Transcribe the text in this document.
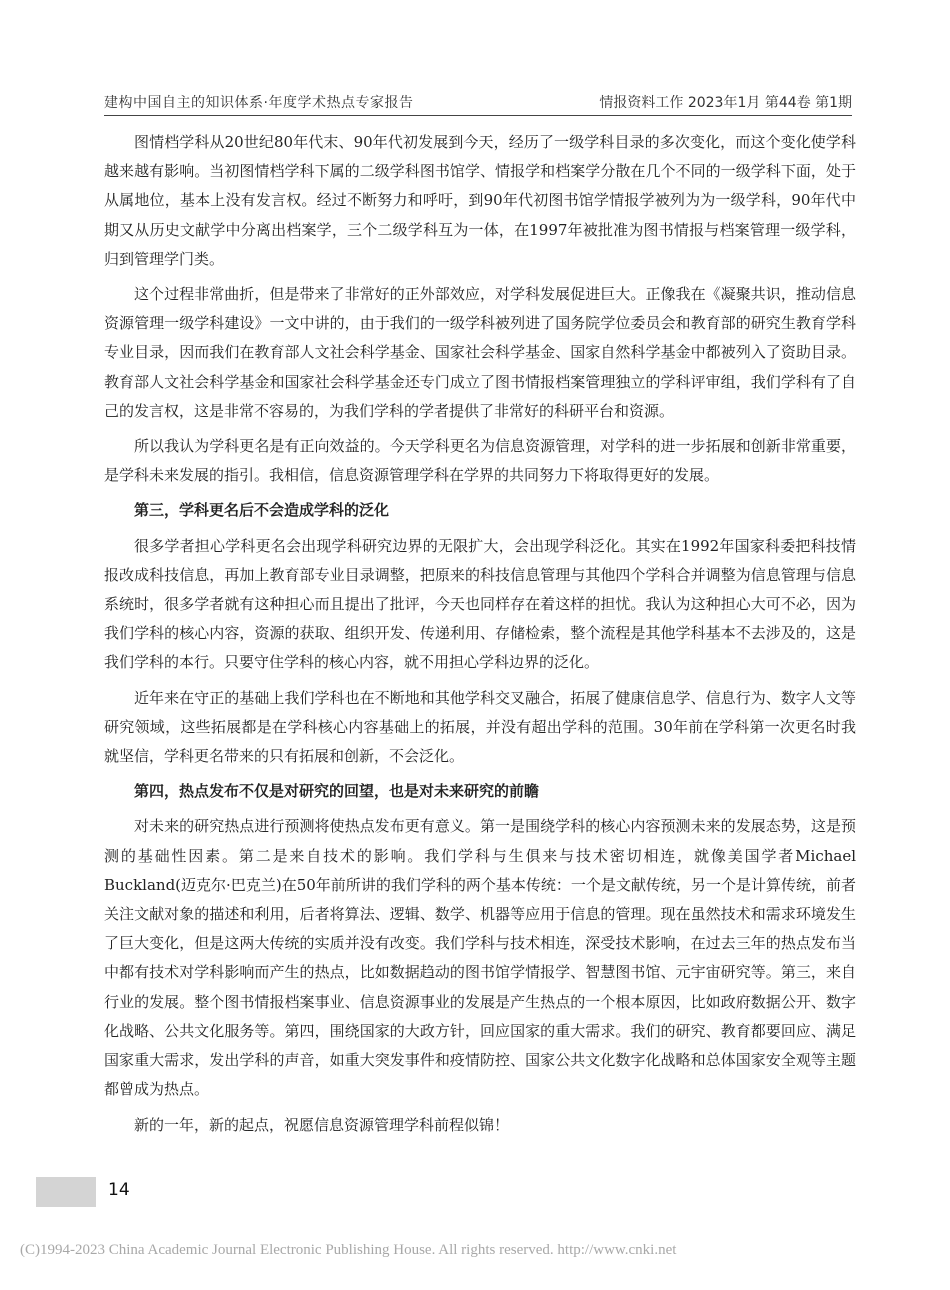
建构中国自主的知识体系·年度学术热点专家报告	情报资料工作 2023年1月 第44卷 第1期

图情档学科从20世纪80年代末、90年代初发展到今天，经历了一级学科目录的多次变化，而这个变化使学科越来越有影响。当初图情档学科下属的二级学科图书馆学、情报学和档案学分散在几个不同的一级学科下面，处于从属地位，基本上没有发言权。经过不断努力和呼吁，到90年代初图书馆学情报学被列为为一级学科，90年代中期又从历史文献学中分离出档案学，三个二级学科互为一体，在1997年被批准为图书情报与档案管理一级学科，归到管理学门类。

这个过程非常曲折，但是带来了非常好的正外部效应，对学科发展促进巨大。正像我在《凝聚共识，推动信息资源管理一级学科建设》一文中讲的，由于我们的一级学科被列进了国务院学位委员会和教育部的研究生教育学科专业目录，因而我们在教育部人文社会科学基金、国家社会科学基金、国家自然科学基金中都被列入了资助目录。教育部人文社会科学基金和国家社会科学基金还专门成立了图书情报档案管理独立的学科评审组，我们学科有了自己的发言权，这是非常不容易的，为我们学科的学者提供了非常好的科研平台和资源。

所以我认为学科更名是有正向效益的。今天学科更名为信息资源管理，对学科的进一步拓展和创新非常重要，是学科未来发展的指引。我相信，信息资源管理学科在学界的共同努力下将取得更好的发展。

第三，学科更名后不会造成学科的泛化

很多学者担心学科更名会出现学科研究边界的无限扩大，会出现学科泛化。其实在1992年国家科委把科技情报改成科技信息，再加上教育部专业目录调整，把原来的科技信息管理与其他四个学科合并调整为信息管理与信息系统时，很多学者就有这种担心而且提出了批评，今天也同样存在着这样的担忧。我认为这种担心大可不必，因为我们学科的核心内容，资源的获取、组织开发、传递利用、存储检索，整个流程是其他学科基本不去涉及的，这是我们学科的本行。只要守住学科的核心内容，就不用担心学科边界的泛化。

近年来在守正的基础上我们学科也在不断地和其他学科交叉融合，拓展了健康信息学、信息行为、数字人文等研究领域，这些拓展都是在学科核心内容基础上的拓展，并没有超出学科的范围。30年前在学科第一次更名时我就坚信，学科更名带来的只有拓展和创新，不会泛化。

第四，热点发布不仅是对研究的回望，也是对未来研究的前瞻

对未来的研究热点进行预测将使热点发布更有意义。第一是围绕学科的核心内容预测未来的发展态势，这是预测的基础性因素。第二是来自技术的影响。我们学科与生俱来与技术密切相连，就像美国学者Michael Buckland(迈克尔·巴克兰)在50年前所讲的我们学科的两个基本传统：一个是文献传统，另一个是计算传统，前者关注文献对象的描述和利用，后者将算法、逻辑、数学、机器等应用于信息的管理。现在虽然技术和需求环境发生了巨大变化，但是这两大传统的实质并没有改变。我们学科与技术相连，深受技术影响，在过去三年的热点发布当中都有技术对学科影响而产生的热点，比如数据趋动的图书馆学情报学、智慧图书馆、元宇宙研究等。第三，来自行业的发展。整个图书情报档案事业、信息资源事业的发展是产生热点的一个根本原因，比如政府数据公开、数字化战略、公共文化服务等。第四，围绕国家的大政方针，回应国家的重大需求。我们的研究、教育都要回应、满足国家重大需求，发出学科的声音，如重大突发事件和疫情防控、国家公共文化数字化战略和总体国家安全观等主题都曾成为热点。

新的一年，新的起点，祝愿信息资源管理学科前程似锦！

14
(C)1994-2023 China Academic Journal Electronic Publishing House. All rights reserved. http://www.cnki.net
